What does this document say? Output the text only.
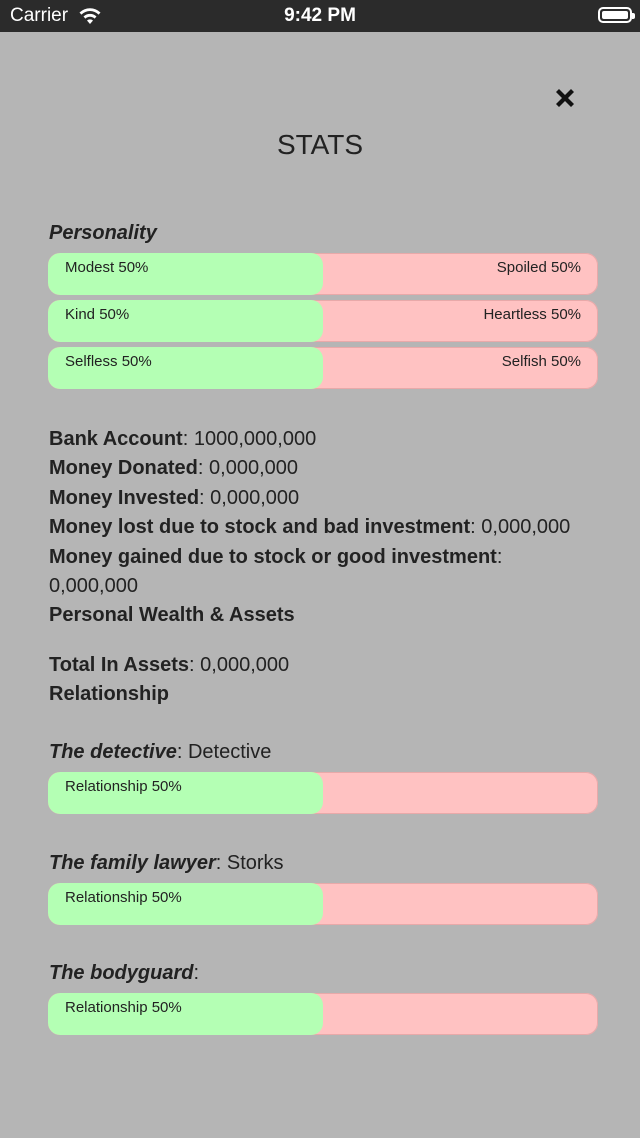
Carrier	9:42 PM
STATS
Personality
Modest 50%	Spoiled 50%
Kind 50%	Heartless 50%
Selfless 50%	Selfish 50%
Bank Account: 1000,000,000
Money Donated: 0,000,000
Money Invested: 0,000,000
Money lost due to stock and bad investment: 0,000,000
Money gained due to stock or good investment:
0,000,000
Personal Wealth & Assets
Total In Assets: 0,000,000
Relationship
The detective: Detective
Relationship 50%
The family lawyer: Storks
Relationship 50%
The bodyguard:
Relationship 50%
